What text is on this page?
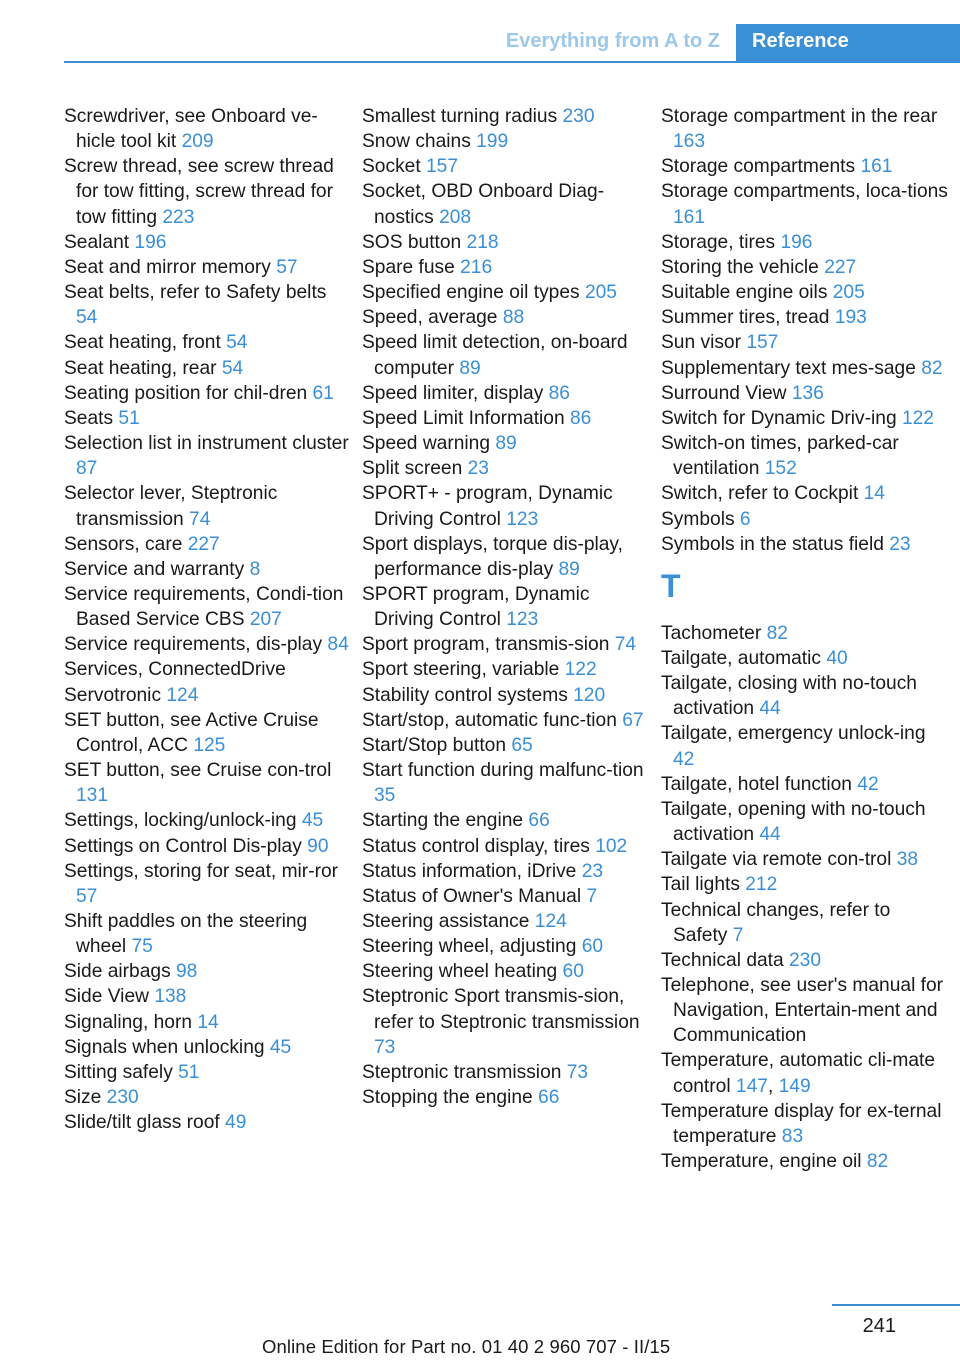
Everything from A to Z	Reference
Screwdriver, see Onboard ve-hicle tool kit 209
Screw thread, see screw thread for tow fitting, screw thread for tow fitting 223
Sealant 196
Seat and mirror memory 57
Seat belts, refer to Safety belts 54
Seat heating, front 54
Seat heating, rear 54
Seating position for chil-dren 61
Seats 51
Selection list in instrument cluster 87
Selector lever, Steptronic transmission 74
Sensors, care 227
Service and warranty 8
Service requirements, Condi-tion Based Service CBS 207
Service requirements, dis-play 84
Services, ConnectedDrive
Servotronic 124
SET button, see Active Cruise Control, ACC 125
SET button, see Cruise con-trol 131
Settings, locking/unlock-ing 45
Settings on Control Dis-play 90
Settings, storing for seat, mir-ror 57
Shift paddles on the steering wheel 75
Side airbags 98
Side View 138
Signaling, horn 14
Signals when unlocking 45
Sitting safely 51
Size 230
Slide/tilt glass roof 49
Smallest turning radius 230
Snow chains 199
Socket 157
Socket, OBD Onboard Diag-nostics 208
SOS button 218
Spare fuse 216
Specified engine oil types 205
Speed, average 88
Speed limit detection, on-board computer 89
Speed limiter, display 86
Speed Limit Information 86
Speed warning 89
Split screen 23
SPORT+ - program, Dynamic Driving Control 123
Sport displays, torque dis-play, performance dis-play 89
SPORT program, Dynamic Driving Control 123
Sport program, transmis-sion 74
Sport steering, variable 122
Stability control systems 120
Start/stop, automatic func-tion 67
Start/Stop button 65
Start function during malfunc-tion 35
Starting the engine 66
Status control display, tires 102
Status information, iDrive 23
Status of Owner's Manual 7
Steering assistance 124
Steering wheel, adjusting 60
Steering wheel heating 60
Steptronic Sport transmis-sion, refer to Steptronic transmission 73
Steptronic transmission 73
Stopping the engine 66
Storage compartment in the rear 163
Storage compartments 161
Storage compartments, loca-tions 161
Storage, tires 196
Storing the vehicle 227
Suitable engine oils 205
Summer tires, tread 193
Sun visor 157
Supplementary text mes-sage 82
Surround View 136
Switch for Dynamic Driv-ing 122
Switch-on times, parked-car ventilation 152
Switch, refer to Cockpit 14
Symbols 6
Symbols in the status field 23
T
Tachometer 82
Tailgate, automatic 40
Tailgate, closing with no-touch activation 44
Tailgate, emergency unlock-ing 42
Tailgate, hotel function 42
Tailgate, opening with no-touch activation 44
Tailgate via remote con-trol 38
Tail lights 212
Technical changes, refer to Safety 7
Technical data 230
Telephone, see user's manual for Navigation, Entertain-ment and Communication
Temperature, automatic cli-mate control 147, 149
Temperature display for ex-ternal temperature 83
Temperature, engine oil 82
241
Online Edition for Part no. 01 40 2 960 707 - II/15
